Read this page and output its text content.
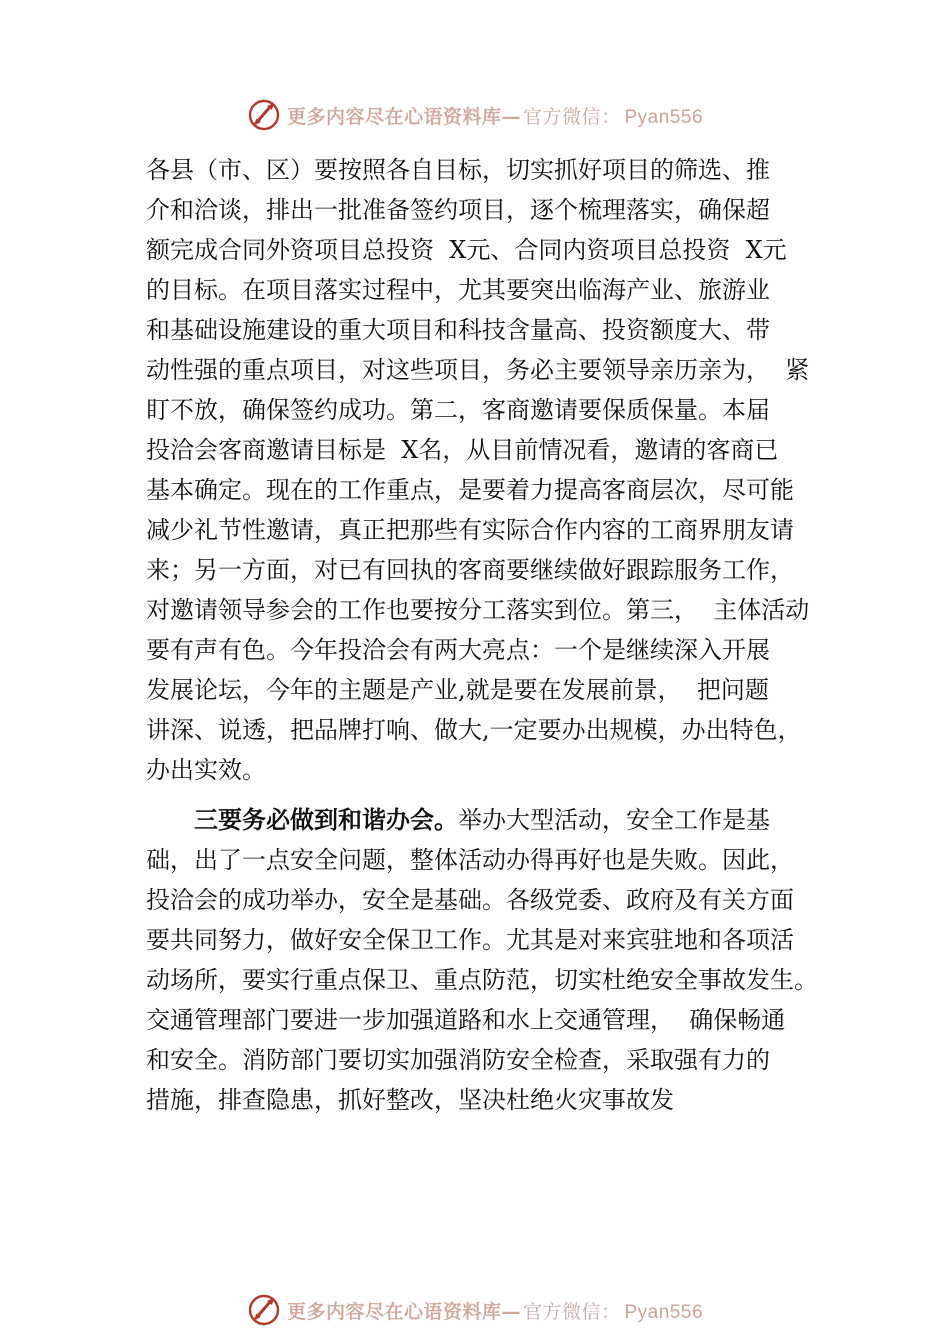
更多内容尽在心语资料库— 官方微信： Pyan556
各县（市、区）要按照各自目标，切实抓好项目的筛选、推
介和洽谈，排出一批准备签约项目，逐个梳理落实，确保超
额完成合同外资项目总投资  X元、合同内资项目总投资  X元
的目标。在项目落实过程中，尤其要突出临海产业、旅游业
和基础设施建设的重大项目和科技含量高、投资额度大、带
动性强的重点项目，对这些项目，务必主要领导亲历亲为，  紧
盯不放，确保签约成功。第二，客商邀请要保质保量。本届
投洽会客商邀请目标是  X名，从目前情况看，邀请的客商已
基本确定。现在的工作重点，是要着力提高客商层次，尽可能
减少礼节性邀请，真正把那些有实际合作内容的工商界朋友请
来；另一方面，对已有回执的客商要继续做好跟踪服务工作，
对邀请领导参会的工作也要按分工落实到位。第三，  主体活动
要有声有色。今年投洽会有两大亮点：一个是继续深入开展
发展论坛，今年的主题是产业,就是要在发展前景，  把问题
讲深、说透，把品牌打响、做大,一定要办出规模，办出特色，
办出实效。
三要务必做到和谐办会。举办大型活动，安全工作是基
础，出了一点安全问题，整体活动办得再好也是失败。因此，
投洽会的成功举办，安全是基础。各级党委、政府及有关方面
要共同努力，做好安全保卫工作。尤其是对来宾驻地和各项活
动场所，要实行重点保卫、重点防范，切实杜绝安全事故发生。
交通管理部门要进一步加强道路和水上交通管理，  确保畅通
和安全。消防部门要切实加强消防安全检查，采取强有力的
措施，排查隐患，抓好整改，坚决杜绝火灾事故发
更多内容尽在心语资料库— 官方微信： Pyan556
